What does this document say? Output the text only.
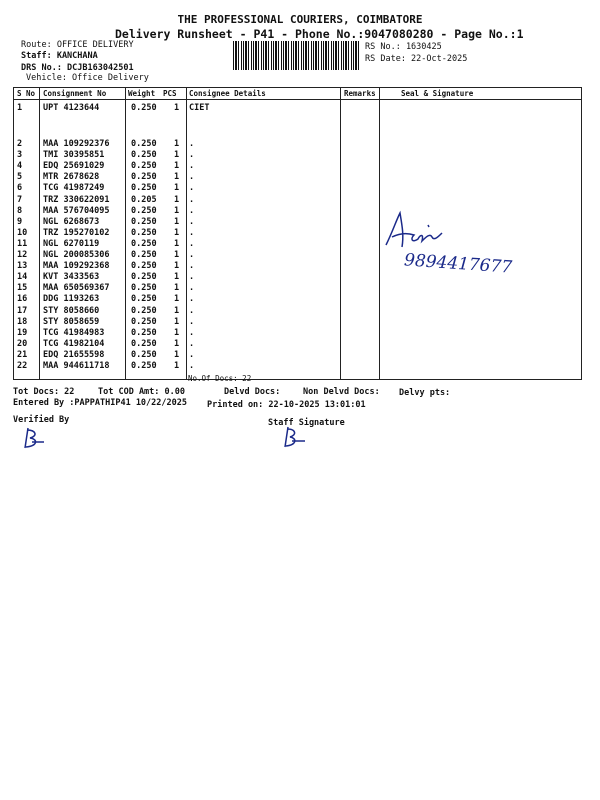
THE PROFESSIONAL COURIERS, COIMBATORE
Delivery Runsheet - P41 - Phone No.:9047080280 - Page No.:1
Route: OFFICE DELIVERY
Staff: KANCHANA
DRS No.: DCJB163042501
Vehicle: Office Delivery
RS No.: 1630425
RS Date: 22-Oct-2025
S No Consignment No	Weight PCS Consignee Details	Remarks	Seal & Signature
1 UPT 4123644	0.250 1 CIET
2 MAA 109292376	0.250 1 .
3 TMI 30395851	0.250 1 .
4 EDQ 25691029	0.250 1 .
5 MTR 2678628	0.250 1 .
6 TCG 41987249	0.250 1 .
7 TRZ 330622091	0.205 1 .
8 MAA 576704095	0.250 1 .
9 NGL 6268673	0.250 1 .
10 TRZ 195270102	0.250 1 .
11 NGL 6270119	0.250 1 .
12 NGL 200085306	0.250 1 .
13 MAA 109292368	0.250 1 .
14 KVT 3433563	0.250 1 .
15 MAA 650569367	0.250 1 .
16 DDG 1193263	0.250 1 .
17 STY 8058660	0.250 1 .
18 STY 8058659	0.250 1 .
19 TCG 41984983	0.250 1 .
20 TCG 41982104	0.250 1 .
21 EDQ 21655598	0.250 1 .
22 MAA 944611718	0.250 1 .
No.Of Docs: 22
9894417677
Tot Docs: 22	Tot COD Amt: 0.00	Delvd Docs:	Non Delvd Docs: Delvy pts:
Entered By :PAPPATHIP41 10/22/2025 Printed on: 22-10-2025 13:01:01
Verified By	Staff Signature
